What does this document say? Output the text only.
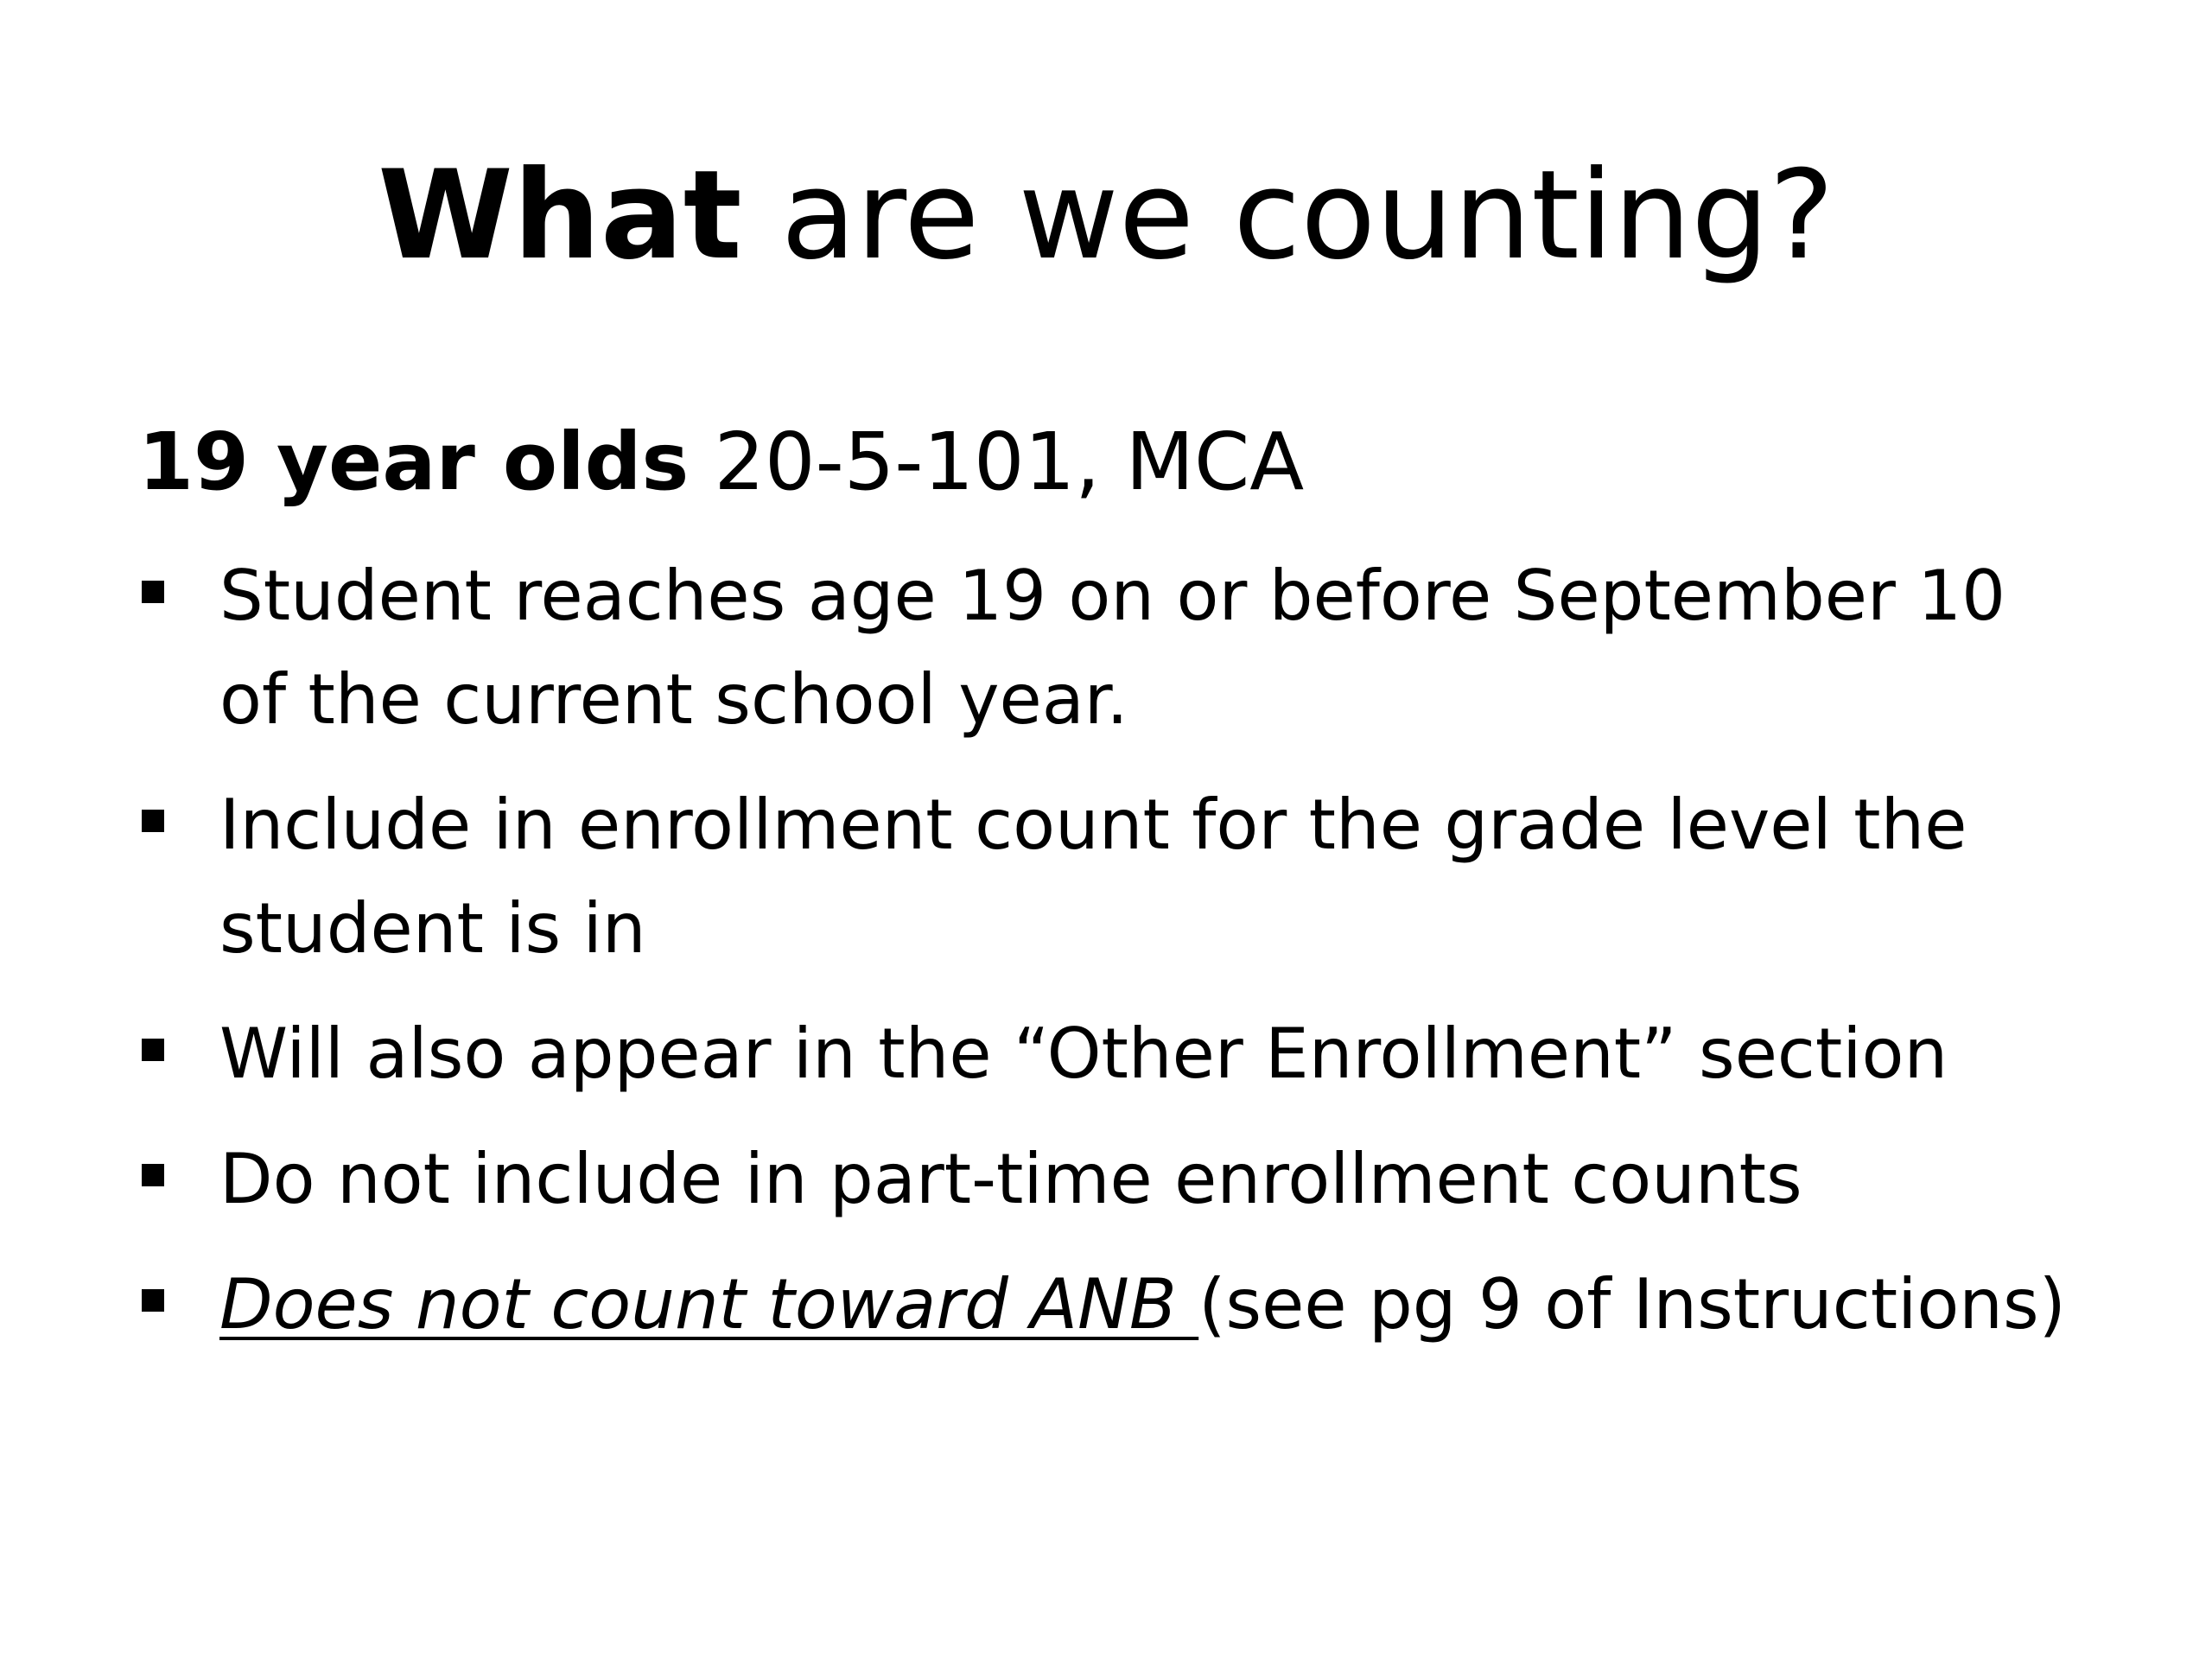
What are we counting?
19 year olds 20-5-101, MCA
Student reaches age 19 on or before September 10
of the current school year.
Include in enrollment count for the grade level the
student is in
Will also appear in the “Other Enrollment” section
Do not include in part-time enrollment counts
Does not count toward ANB (see pg 9 of Instructions)
